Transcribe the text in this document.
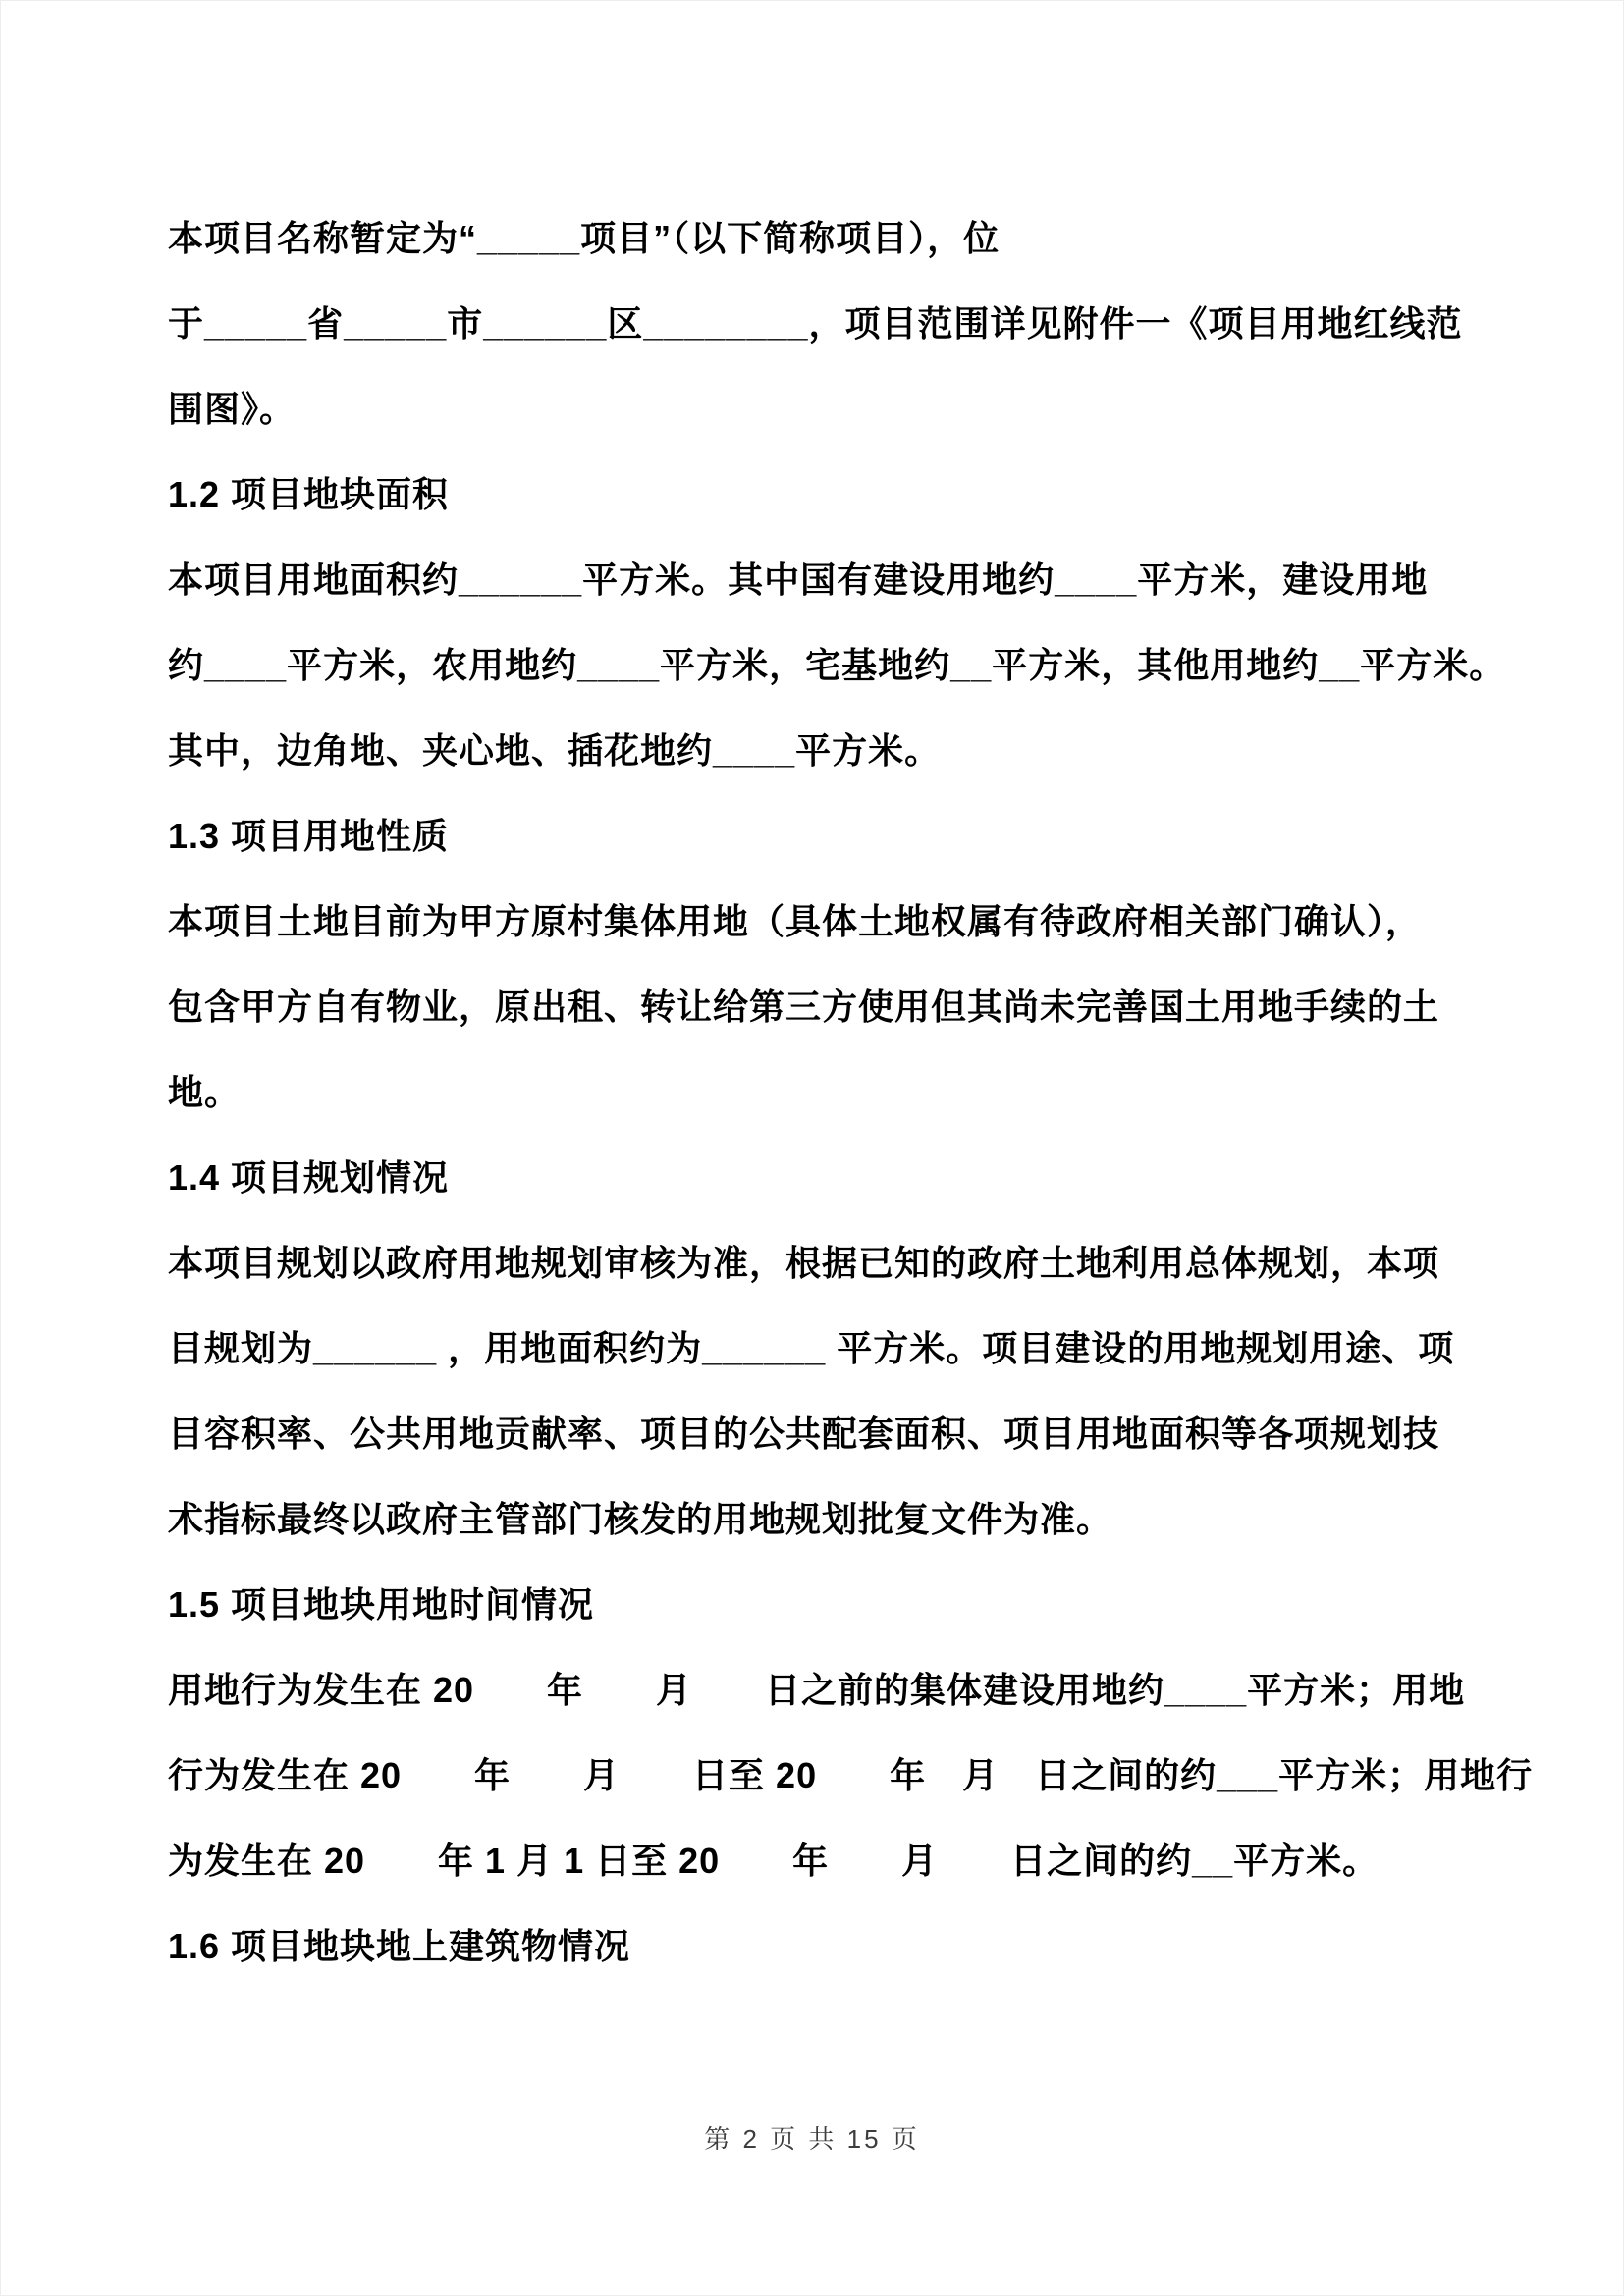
本项目名称暂定为“_____项目”（以下简称项目），位
于_____省_____市______区________，项目范围详见附件一《项目用地红线范
围图》。
1.2 项目地块面积
本项目用地面积约______平方米。其中国有建设用地约____平方米，建设用地
约____平方米，农用地约____平方米，宅基地约__平方米，其他用地约__平方米。
其中，边角地、夹心地、插花地约____平方米。
1.3 项目用地性质
本项目土地目前为甲方原村集体用地（具体土地权属有待政府相关部门确认），
包含甲方自有物业，原出租、转让给第三方使用但其尚未完善国土用地手续的土
地。
1.4 项目规划情况
本项目规划以政府用地规划审核为准，根据已知的政府土地利用总体规划，本项
目规划为______ ，用地面积约为______ 平方米。项目建设的用地规划用途、项
目容积率、公共用地贡献率、项目的公共配套面积、项目用地面积等各项规划技
术指标最终以政府主管部门核发的用地规划批复文件为准。
1.5 项目地块用地时间情况
用地行为发生在 20　　年　　月　　日之前的集体建设用地约____平方米；用地
行为发生在 20　　年　　月　　日至 20　　年　月　日之间的约___平方米；用地行
为发生在 20　　年 1 月 1 日至 20　　年　　月　　日之间的约__平方米。
1.6 项目地块地上建筑物情况
第 2 页 共 15 页
